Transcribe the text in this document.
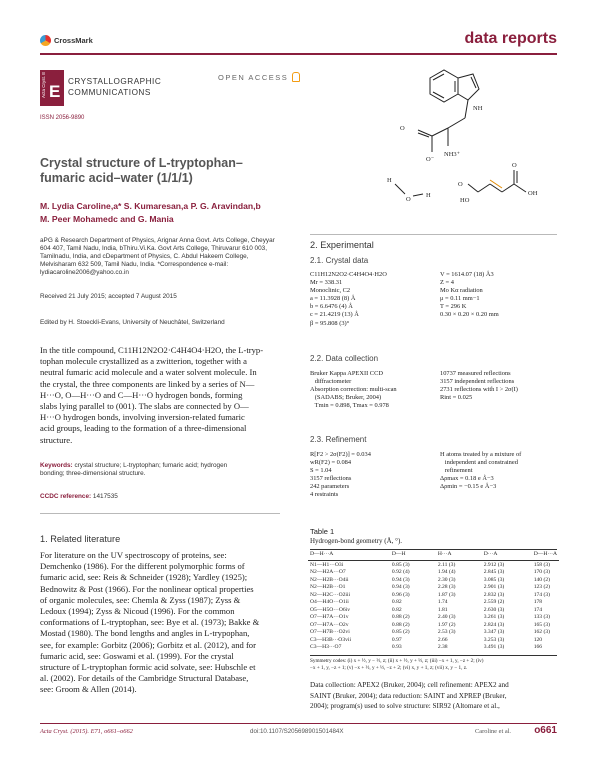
CrossMark	data reports
Acta Cryst. E E
CRYSTALLOGRAPHIC
COMMUNICATIONS
OPEN ACCESS
ISSN 2056-9890
Crystal structure of L-tryptophan–
fumaric acid–water (1/1/1)
M. Lydia Caroline,a* S. Kumaresan,a P. G. Aravindan,b
M. Peer Mohamedc and G. Mania
aPG & Research Department of Physics, Arignar Anna Govt. Arts College, Cheyyar
604 407, Tamil Nadu, India, bThiru.Vi.Ka. Govt Arts College, Thiruvarur 610 003,
Tamilnadu, India, and cDepartment of Physics, C. Abdul Hakeem College,
Melvisharam 632 509, Tamil Nadu, India. *Correspondence e-mail:
lydiacaroline2006@yahoo.co.in
Received 21 July 2015; accepted 7 August 2015
Edited by H. Stoeckli-Evans, University of Neuchâtel, Switzerland
In the title compound, C11H12N2O2·C4H4O4·H2O, the L-tryp-
tophan molecule crystallized as a zwitterion, together with a
neutral fumaric acid molecule and a water solvent molecule. In
the crystal, the three components are linked by a series of N—
H···O, O—H···O and C—H···O hydrogen bonds, forming
slabs lying parallel to (001). The slabs are connected by O—
H···O hydrogen bonds, involving inversion-related fumaric
acid groups, leading to the formation of a three-dimensional
structure.
Keywords: crystal structure; L-tryptophan; fumaric acid; hydrogen
bonding; three-dimensional structure.
CCDC reference: 1417535
1. Related literature
For literature on the UV spectroscopy of proteins, see:
Demchenko (1986). For the different polymorphic forms of
fumaric acid, see: Reis & Schneider (1928); Yardley (1925);
Bednowitz & Post (1966). For the nonlinear optical properties
of organic molecules, see: Chemla & Zyss (1987); Zyss &
Ledoux (1994); Zyss & Nicoud (1996). For the common
conformations of L-tryptophan, see: Bye et al. (1973); Bakke &
Mostad (1980). The bond lengths and angles in L-trypophan,
see, for example: Gorbitz (2006); Gorbitz et al. (2012), and for
fumaric acid, see: Goswami et al. (1999). For the crystal
structure of L-tryptophan formic acid solvate, see: Hubschle et
al. (2002). For details of the Cambridge Structural Database,
see: Groom & Allen (2014).
NH
O
O⁻
NH3⁺
H
O
H
O
OH
HO
O
2. Experimental
2.1. Crystal data
C11H12N2O2·C4H4O4·H2O
Mr = 338.31
Monoclinic, C2
a = 11.3928 (8) Å
b = 6.6476 (4) Å
c = 21.4219 (13) Å
β = 95.808 (3)°
V = 1614.07 (18) Å3
Z = 4
Mo Kα radiation
μ = 0.11 mm−1
T = 296 K
0.30 × 0.20 × 0.20 mm
2.2. Data collection
Bruker Kappa APEXII CCD
diffractometer
Absorption correction: multi-scan
(SADABS; Bruker, 2004)
Tmin = 0.898, Tmax = 0.978
10737 measured reflections
3157 independent reflections
2731 reflections with I > 2σ(I)
Rint = 0.025
2.3. Refinement
R[F2 > 2σ(F2)] = 0.034
wR(F2) = 0.084
S = 1.04
3157 reflections
242 parameters
4 restraints
H atoms treated by a mixture of
independent and constrained
refinement
Δρmax = 0.18 e Å−3
Δρmin = −0.15 e Å−3
Table 1
Hydrogen-bond geometry (Å, °).
D—H···A	D—H	H···A	D···A	D—H···A

N1—H1···O3i	0.85 (3)	2.11 (3)	2.912 (3)	158 (3)
N2—H2A···O7	0.92 (4)	1.94 (4)	2.845 (3)	170 (3)
N2—H2B···O4ii	0.94 (3)	2.30 (3)	3.085 (3)	140 (2)
N2—H2B···O1	0.94 (3)	2.28 (3)	2.901 (3)	123 (2)
N2—H2C···O2iii	0.96 (3)	1.87 (3)	2.832 (3)	174 (3)
O4—H4O···O1ii	0.82	1.74	2.559 (2)	178
O5—H5O···O6iv	0.82	1.81	2.630 (3)	174
O7—H7A···O1v	0.88 (2)	2.40 (3)	3.261 (3)	133 (3)
O7—H7A···O2v	0.88 (2)	1.97 (2)	2.824 (3)	165 (3)
O7—H7B···O2vi	0.85 (2)	2.53 (3)	3.347 (3)	162 (3)
C3—H3B···O3vii	0.97	2.66	3.253 (3)	120
C3—H3···O7	0.93	2.38	3.491 (3)	166
Symmetry codes: (i) x + ½, y − ½, z; (ii) x + ½, y + ½, z; (iii) −x + 1, y, −z + 2; (iv)
−x + 1, y, −z + 1; (v) −x + ½, y + ½, −z + 2; (vi) x, y + 1, z; (vii) x, y − 1, z.
Data collection: APEX2 (Bruker, 2004); cell refinement: APEX2 and
SAINT (Bruker, 2004); data reduction: SAINT and XPREP (Bruker,
2004); program(s) used to solve structure: SIR92 (Altomare et al.,
Acta Cryst. (2015). E71, o661–o662	doi:10.1107/S205698901501484X	Caroline et al. o661
